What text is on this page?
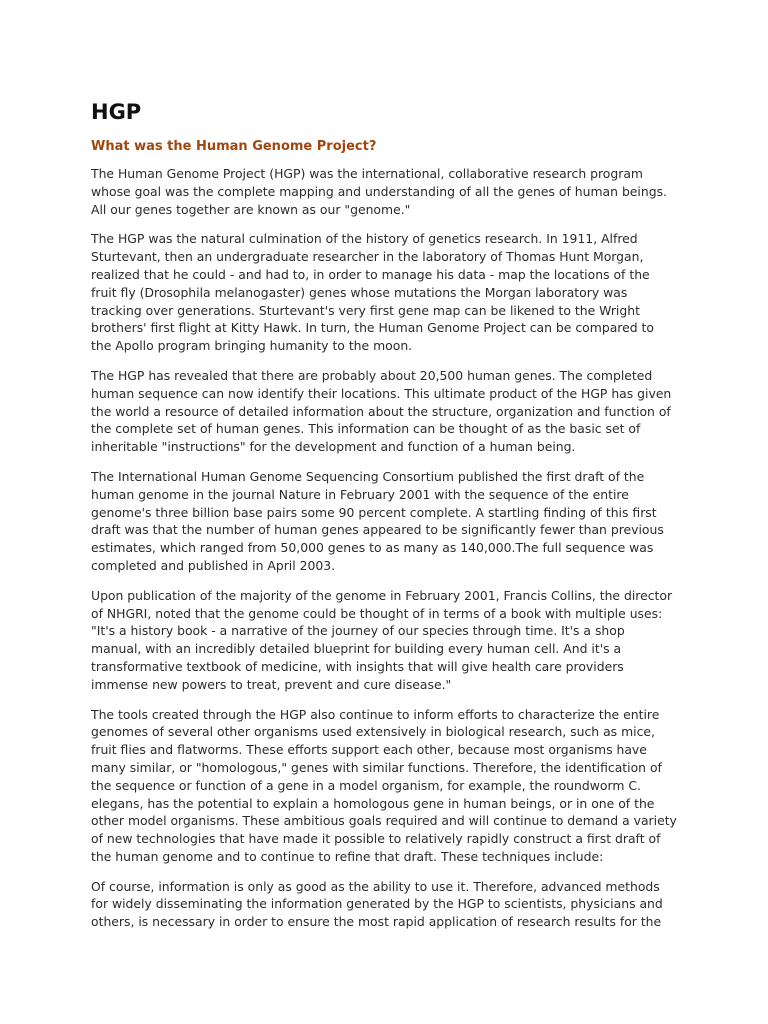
HGP
What was the Human Genome Project?

The Human Genome Project (HGP) was the international, collaborative research program whose goal was the complete mapping and understanding of all the genes of human beings. All our genes together are known as our "genome."

The HGP was the natural culmination of the history of genetics research. In 1911, Alfred Sturtevant, then an undergraduate researcher in the laboratory of Thomas Hunt Morgan, realized that he could - and had to, in order to manage his data - map the locations of the fruit fly (Drosophila melanogaster) genes whose mutations the Morgan laboratory was tracking over generations. Sturtevant's very first gene map can be likened to the Wright brothers' first flight at Kitty Hawk. In turn, the Human Genome Project can be compared to the Apollo program bringing humanity to the moon.

The HGP has revealed that there are probably about 20,500 human genes. The completed human sequence can now identify their locations. This ultimate product of the HGP has given the world a resource of detailed information about the structure, organization and function of the complete set of human genes. This information can be thought of as the basic set of inheritable "instructions" for the development and function of a human being.

The International Human Genome Sequencing Consortium published the first draft of the human genome in the journal Nature in February 2001 with the sequence of the entire genome's three billion base pairs some 90 percent complete. A startling finding of this first draft was that the number of human genes appeared to be significantly fewer than previous estimates, which ranged from 50,000 genes to as many as 140,000.The full sequence was completed and published in April 2003.

Upon publication of the majority of the genome in February 2001, Francis Collins, the director of NHGRI, noted that the genome could be thought of in terms of a book with multiple uses: "It's a history book - a narrative of the journey of our species through time. It's a shop manual, with an incredibly detailed blueprint for building every human cell. And it's a transformative textbook of medicine, with insights that will give health care providers immense new powers to treat, prevent and cure disease."

The tools created through the HGP also continue to inform efforts to characterize the entire genomes of several other organisms used extensively in biological research, such as mice, fruit flies and flatworms. These efforts support each other, because most organisms have many similar, or "homologous," genes with similar functions. Therefore, the identification of the sequence or function of a gene in a model organism, for example, the roundworm C. elegans, has the potential to explain a homologous gene in human beings, or in one of the other model organisms. These ambitious goals required and will continue to demand a variety of new technologies that have made it possible to relatively rapidly construct a first draft of the human genome and to continue to refine that draft. These techniques include:

Of course, information is only as good as the ability to use it. Therefore, advanced methods for widely disseminating the information generated by the HGP to scientists, physicians and others, is necessary in order to ensure the most rapid application of research results for the
